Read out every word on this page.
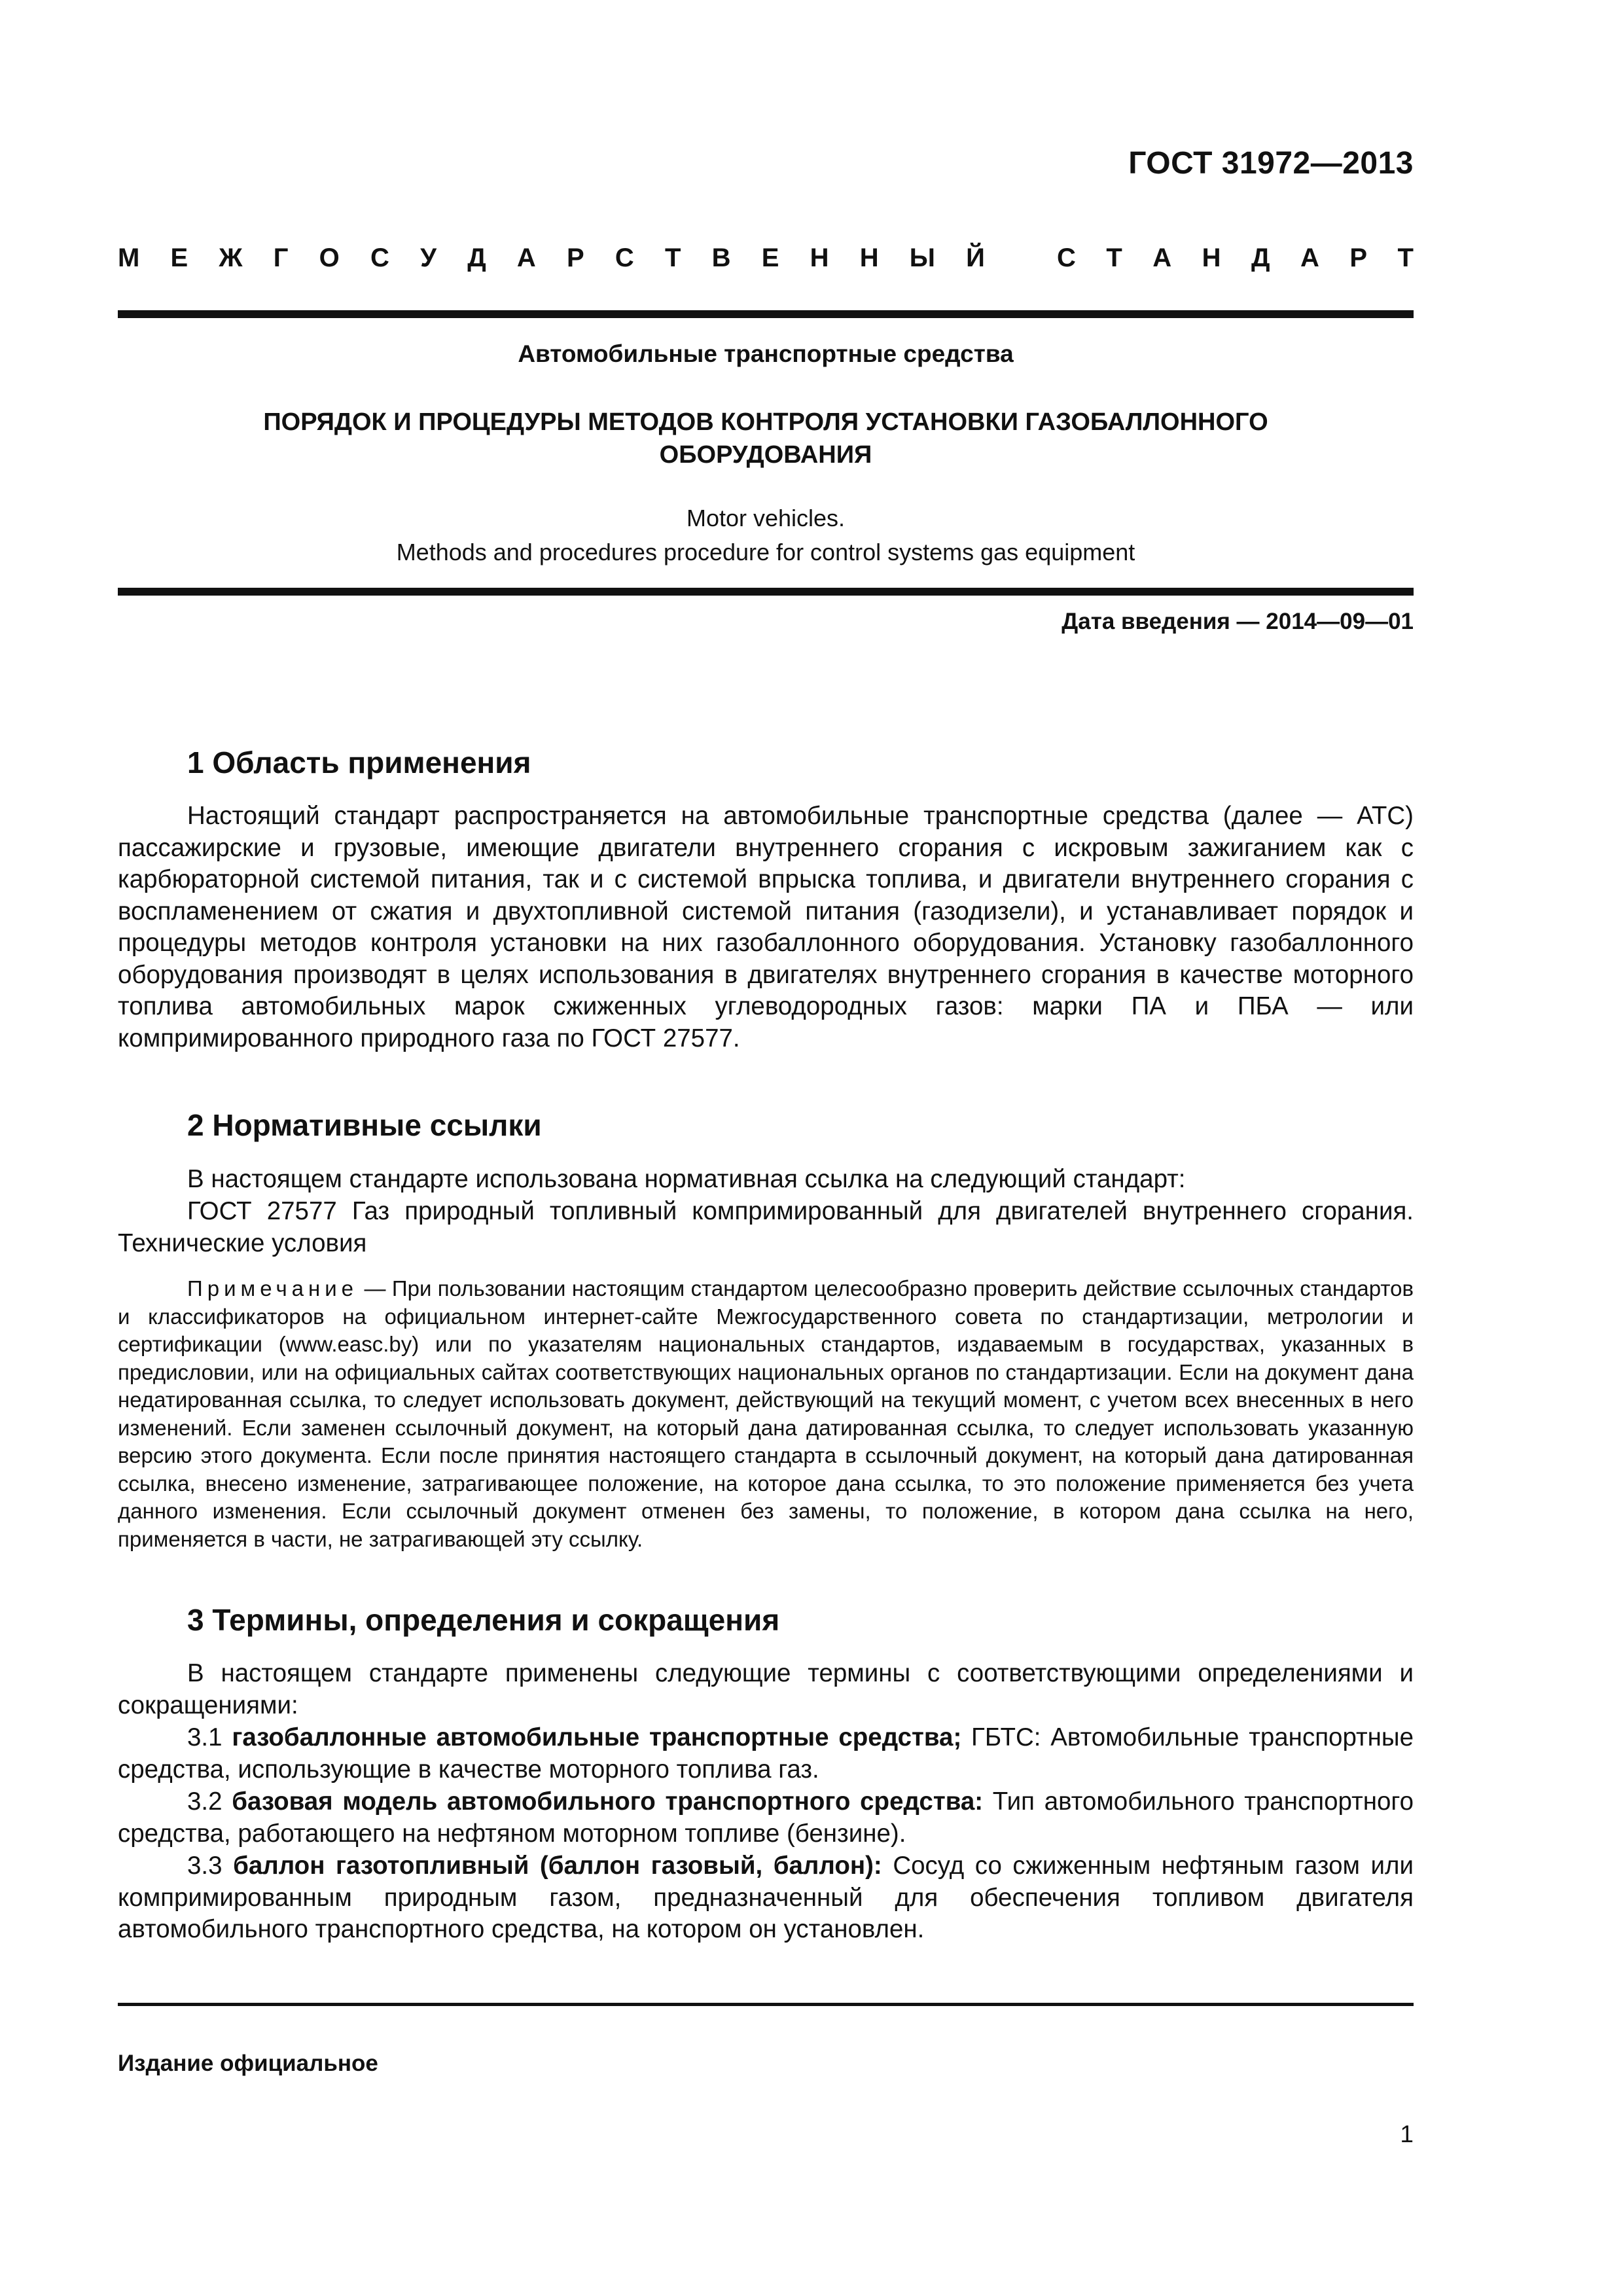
ГОСТ 31972—2013
М Е Ж Г О С У Д А Р С Т В Е Н Н Ы Й	С Т А Н Д А Р Т
Автомобильные транспортные средства
ПОРЯДОК И ПРОЦЕДУРЫ МЕТОДОВ КОНТРОЛЯ УСТАНОВКИ ГАЗОБАЛЛОННОГО
ОБОРУДОВАНИЯ
Motor vehicles.
Methods and procedures procedure for control systems gas equipment
Дата введения — 2014—09—01
1 Область применения

Настоящий стандарт распространяется на автомобильные транспортные средства (далее — АТС) пассажирские и грузовые, имеющие двигатели внутреннего сгорания с искровым зажиганием как с карбюраторной системой питания, так и с системой впрыска топлива, и двигатели внутреннего сгорания с воспламенением от сжатия и двухтопливной системой питания (газодизели), и устанавливает порядок и процедуры методов контроля установки на них газобаллонного оборудования. Установку газобаллонного оборудования производят в целях использования в двигателях внутреннего сгорания в качестве моторного топлива автомобильных марок сжиженных углеводородных газов: марки ПА и ПБА — или компримированного природного газа по ГОСТ 27577.

2 Нормативные ссылки

В настоящем стандарте использована нормативная ссылка на следующий стандарт:

ГОСТ 27577 Газ природный топливный компримированный для двигателей внутреннего сгорания. Технические условия

Примечание — При пользовании настоящим стандартом целесообразно проверить действие ссылочных стандартов и классификаторов на официальном интернет-сайте Межгосударственного совета по стандартизации, метрологии и сертификации (www.easc.by) или по указателям национальных стандартов, издаваемым в государствах, указанных в предисловии, или на официальных сайтах соответствующих национальных органов по стандартизации. Если на документ дана недатированная ссылка, то следует использовать документ, действующий на текущий момент, с учетом всех внесенных в него изменений. Если заменен ссылочный документ, на который дана датированная ссылка, то следует использовать указанную версию этого документа. Если после принятия настоящего стандарта в ссылочный документ, на который дана датированная ссылка, внесено изменение, затрагивающее положение, на которое дана ссылка, то это положение применяется без учета данного изменения. Если ссылочный документ отменен без замены, то положение, в котором дана ссылка на него, применяется в части, не затрагивающей эту ссылку.

3 Термины, определения и сокращения

В настоящем стандарте применены следующие термины с соответствующими определениями и сокращениями:

3.1 газобаллонные автомобильные транспортные средства; ГБТС: Автомобильные транспортные средства, использующие в качестве моторного топлива газ.

3.2 базовая модель автомобильного транспортного средства: Тип автомобильного транспортного средства, работающего на нефтяном моторном топливе (бензине).

3.3 баллон газотопливный (баллон газовый, баллон): Сосуд со сжиженным нефтяным газом или компримированным природным газом, предназначенный для обеспечения топливом двигателя автомобильного транспортного средства, на котором он установлен.

Издание официальное
1
